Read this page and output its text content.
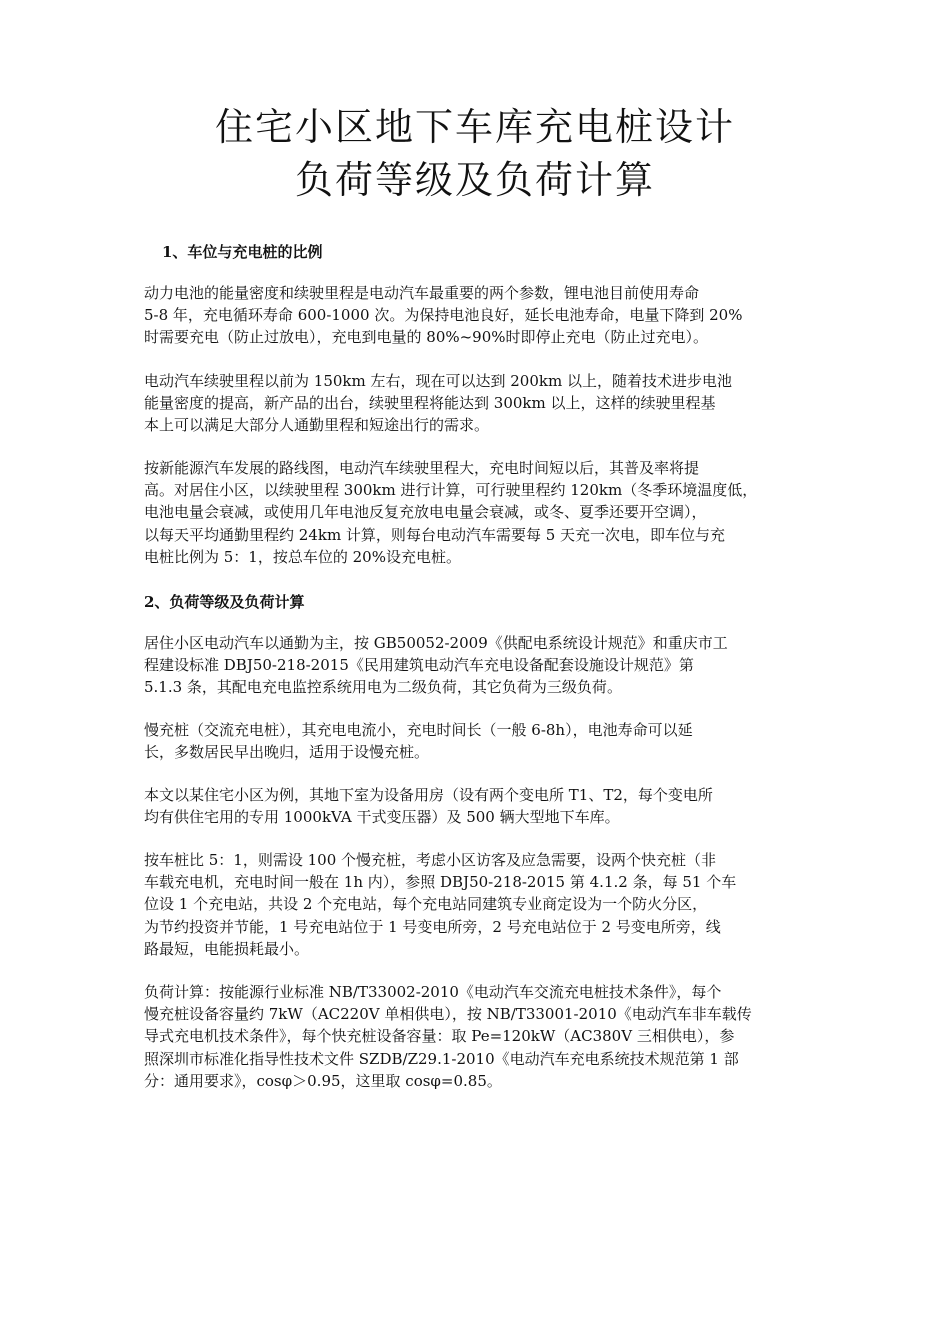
住宅小区地下车库充电桩设计
负荷等级及负荷计算
1、车位与充电桩的比例
动力电池的能量密度和续驶里程是电动汽车最重要的两个参数，锂电池目前使用寿命
5-8 年，充电循环寿命 600-1000 次。为保持电池良好，延长电池寿命，电量下降到 20%
时需要充电（防止过放电），充电到电量的 80%~90%时即停止充电（防止过充电）。
电动汽车续驶里程以前为 150km 左右，现在可以达到 200km 以上，随着技术进步电池
能量密度的提高，新产品的出台，续驶里程将能达到 300km 以上，这样的续驶里程基
本上可以满足大部分人通勤里程和短途出行的需求。
按新能源汽车发展的路线图，电动汽车续驶里程大，充电时间短以后，其普及率将提
高。对居住小区，以续驶里程 300km 进行计算，可行驶里程约 120km（冬季环境温度低，
电池电量会衰减，或使用几年电池反复充放电电量会衰减，或冬、夏季还要开空调），
以每天平均通勤里程约 24km 计算，则每台电动汽车需要每 5 天充一次电，即车位与充
电桩比例为 5：1，按总车位的 20%设充电桩。
2、负荷等级及负荷计算
居住小区电动汽车以通勤为主，按 GB50052-2009《供配电系统设计规范》和重庆市工
程建设标准 DBJ50-218-2015《民用建筑电动汽车充电设备配套设施设计规范》第
5.1.3 条，其配电充电监控系统用电为二级负荷，其它负荷为三级负荷。
慢充桩（交流充电桩），其充电电流小，充电时间长（一般 6-8h），电池寿命可以延
长，多数居民早出晚归，适用于设慢充桩。
本文以某住宅小区为例，其地下室为设备用房（设有两个变电所 T1、T2，每个变电所
均有供住宅用的专用 1000kVA 干式变压器）及 500 辆大型地下车库。
按车桩比 5：1，则需设 100 个慢充桩，考虑小区访客及应急需要，设两个快充桩（非
车载充电机，充电时间一般在 1h 内），参照 DBJ50-218-2015 第 4.1.2 条，每 51 个车
位设 1 个充电站，共设 2 个充电站，每个充电站同建筑专业商定设为一个防火分区，
为节约投资并节能，1 号充电站位于 1 号变电所旁，2 号充电站位于 2 号变电所旁，线
路最短，电能损耗最小。
负荷计算：按能源行业标准 NB/T33002-2010《电动汽车交流充电桩技术条件》，每个
慢充桩设备容量约 7kW（AC220V 单相供电），按 NB/T33001-2010《电动汽车非车载传
导式充电机技术条件》，每个快充桩设备容量：取 Pe=120kW（AC380V 三相供电），参
照深圳市标准化指导性技术文件 SZDB/Z29.1-2010《电动汽车充电系统技术规范第 1 部
分：通用要求》，cosφ＞0.95，这里取 cosφ=0.85。
